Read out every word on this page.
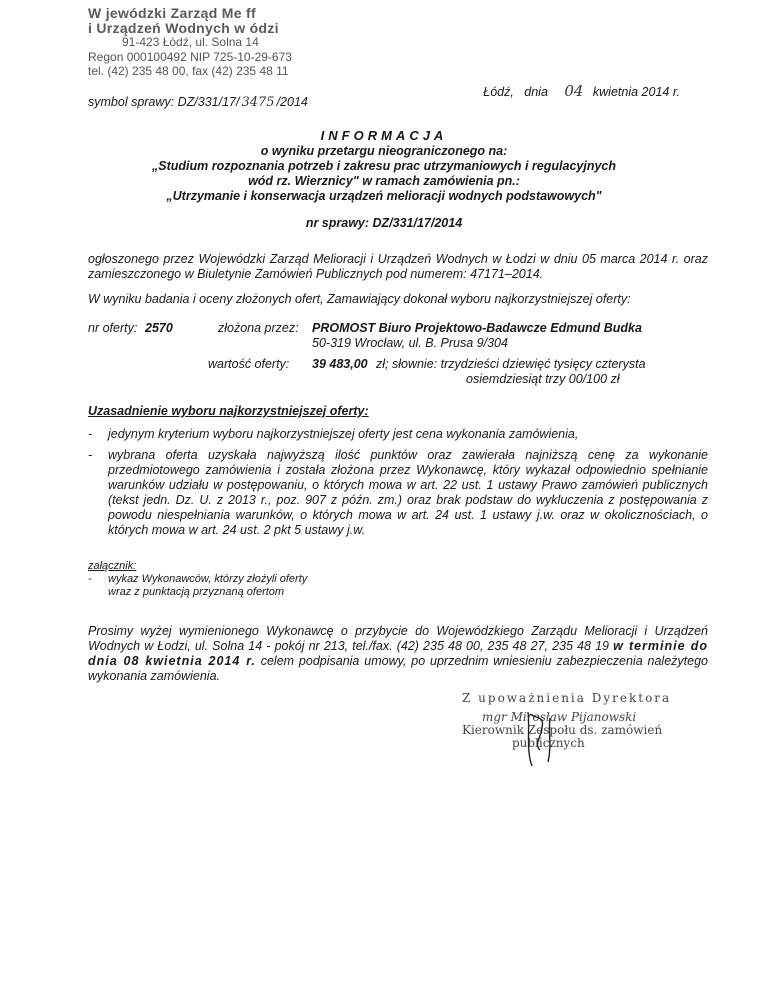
W jewódzki Zarząd Me ff
i Urządzeń Wodnych w ódzi
91-423 Łódź, ul. Solna 14
Regon 000100492 NIP 725-10-29-673
tel. (42) 235 48 00, fax (42) 235 48 11
Łódź, dnia 04 kwietnia 2014 r.
symbol sprawy: DZ/331/17/ 3475 /2014
INFORMACJA
o wyniku przetargu nieograniczonego na:
„Studium rozpoznania potrzeb i zakresu prac utrzymaniowych i regulacyjnych
wód rz. Wierznicy" w ramach zamówienia pn.:
„Utrzymanie i konserwacja urządzeń melioracji wodnych podstawowych"
nr sprawy: DZ/331/17/2014
ogłoszonego przez Wojewódzki Zarząd Melioracji i Urządzeń Wodnych w Łodzi w dniu 05 marca 2014 r. oraz zamieszczonego w Biuletynie Zamówień Publicznych pod numerem: 47171–2014.
W wyniku badania i oceny złożonych ofert, Zamawiający dokonał wyboru najkorzystniejszej oferty:
nr oferty: 2570	złożona przez: PROMOST Biuro Projektowo-Badawcze Edmund Budka
50-319 Wrocław, ul. B. Prusa 9/304
wartość oferty: 39 483,00 zł; słownie: trzydzieści dziewięć tysięcy czterysta
osiemdziesiąt trzy 00/100 zł
Uzasadnienie wyboru najkorzystniejszej oferty:
- jedynym kryterium wyboru najkorzystniejszej oferty jest cena wykonania zamówienia,
- wybrana oferta uzyskała najwyższą ilość punktów oraz zawierała najniższą cenę za wykonanie przedmiotowego zamówienia i została złożona przez Wykonawcę, który wykazał odpowiednio spełnianie warunków udziału w postępowaniu, o których mowa w art. 22 ust. 1 ustawy Prawo zamówień publicznych (tekst jedn. Dz. U. z 2013 r., poz. 907 z późn. zm.) oraz brak podstaw do wykluczenia z postępowania z powodu niespełniania warunków, o których mowa w art. 24 ust. 1 ustawy j.w. oraz w okolicznościach, o których mowa w art. 24 ust. 2 pkt 5 ustawy j.w.
załącznik:
- wykaz Wykonawców, którzy złożyli oferty
wraz z punktacją przyznaną ofertom
Prosimy wyżej wymienionego Wykonawcę o przybycie do Wojewódzkiego Zarządu Melioracji i Urządzeń Wodnych w Łodzi, ul. Solna 14 - pokój nr 213, tel./fax. (42) 235 48 00, 235 48 27, 235 48 19 w terminie do dnia 08 kwietnia 2014 r. celem podpisania umowy, po uprzednim wniesieniu zabezpieczenia należytego wykonania zamówienia.
Z upoważnienia Dyrektora
mgr Mirosław Pijanowski
Kierownik Zespołu ds. zamówień
publicznych
